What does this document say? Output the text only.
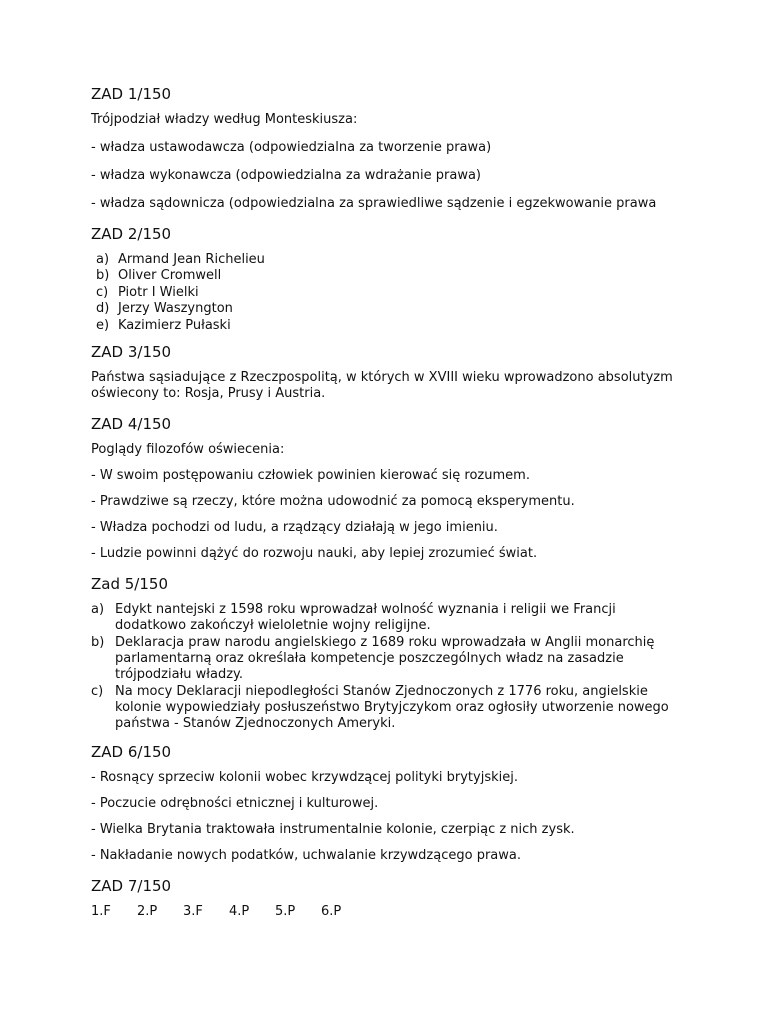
ZAD 1/150

Trójpodział władzy według Monteskiusza:

- władza ustawodawcza (odpowiedzialna za tworzenie prawa)

- władza wykonawcza (odpowiedzialna za wdrażanie prawa)

- władza sądownicza (odpowiedzialna za sprawiedliwe sądzenie i egzekwowanie prawa

ZAD 2/150
a) Armand Jean Richelieu
b) Oliver Cromwell
c) Piotr I Wielki
d) Jerzy Waszyngton
e) Kazimierz Pułaski
ZAD 3/150

Państwa sąsiadujące z Rzeczpospolitą, w których w XVIII wieku wprowadzono absolutyzm oświecony to: Rosja, Prusy i Austria.

ZAD 4/150

Poglądy filozofów oświecenia:

- W swoim postępowaniu człowiek powinien kierować się rozumem.

- Prawdziwe są rzeczy, które można udowodnić za pomocą eksperymentu.

- Władza pochodzi od ludu, a rządzący działają w jego imieniu.

- Ludzie powinni dążyć do rozwoju nauki, aby lepiej zrozumieć świat.

Zad 5/150
a) Edykt nantejski z 1598 roku wprowadzał wolność wyznania i religii we Francji dodatkowo zakończył wieloletnie wojny religijne.
b) Deklaracja praw narodu angielskiego z 1689 roku wprowadzała w Anglii monarchię parlamentarną oraz określała kompetencje poszczególnych władz na zasadzie trójpodziału władzy.
c) Na mocy Deklaracji niepodległości Stanów Zjednoczonych z 1776 roku, angielskie kolonie wypowiedziały posłuszeństwo Brytyjczykom oraz ogłosiły utworzenie nowego państwa - Stanów Zjednoczonych Ameryki.
ZAD 6/150

- Rosnący sprzeciw kolonii wobec krzywdzącej polityki brytyjskiej.

- Poczucie odrębności etnicznej i kulturowej.

- Wielka Brytania traktowała instrumentalnie kolonie, czerpiąc z nich zysk.

- Nakładanie nowych podatków, uchwalanie krzywdzącego prawa.

ZAD 7/150
1.F	2.P	3.F	4.P	5.P	6.P
